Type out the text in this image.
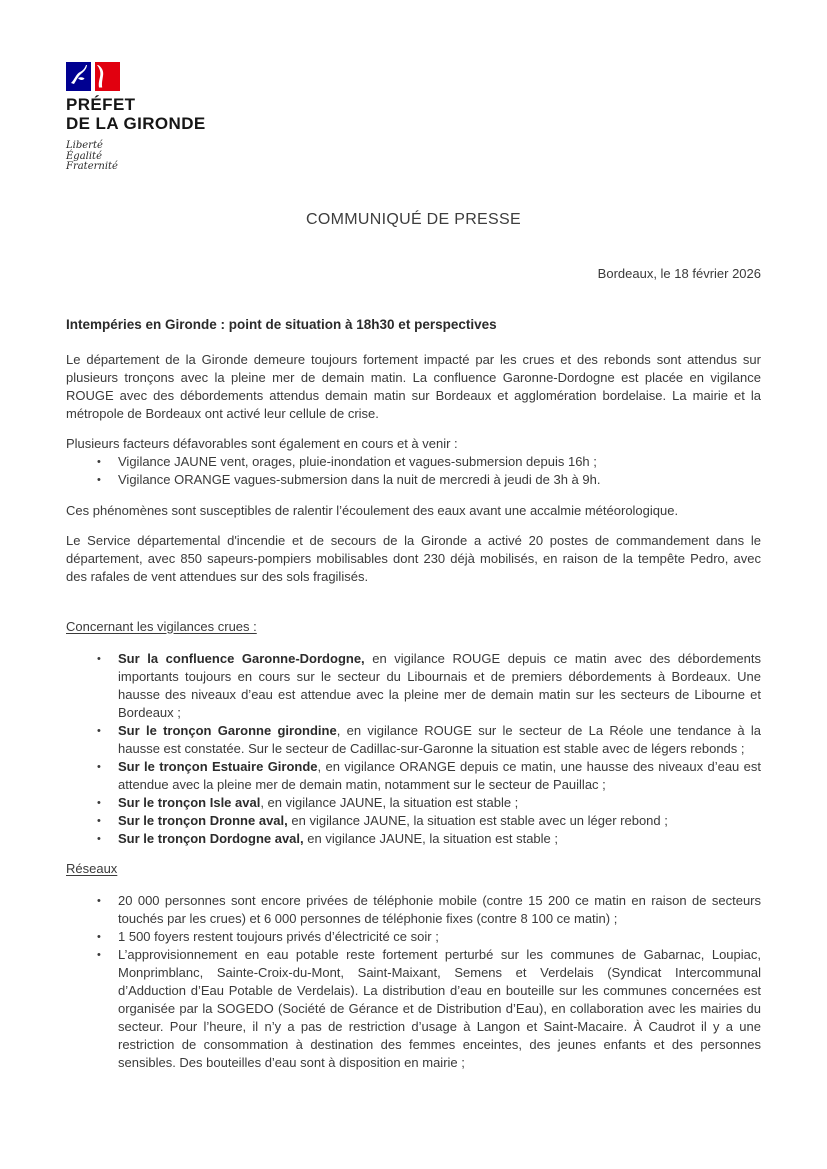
PRÉFET
DE LA GIRONDE
Liberté
Égalité
Fraternité
COMMUNIQUÉ DE PRESSE
Bordeaux, le 18 février 2026
Intempéries en Gironde : point de situation à 18h30 et perspectives

Le département de la Gironde demeure toujours fortement impacté par les crues et des rebonds sont attendus sur plusieurs tronçons avec la pleine mer de demain matin. La confluence Garonne-Dordogne est placée en vigilance ROUGE avec des débordements attendus demain matin sur Bordeaux et agglomération bordelaise. La mairie et la métropole de Bordeaux ont activé leur cellule de crise.

Plusieurs facteurs défavorables sont également en cours et à venir :

• Vigilance JAUNE vent, orages, pluie-inondation et vagues-submersion depuis 16h ;
• Vigilance ORANGE vagues-submersion dans la nuit de mercredi à jeudi de 3h à 9h.

Ces phénomènes sont susceptibles de ralentir l’écoulement des eaux avant une accalmie météorologique.

Le Service départemental d'incendie et de secours de la Gironde a activé 20 postes de commandement dans le département, avec 850 sapeurs-pompiers mobilisables dont 230 déjà mobilisés, en raison de la tempête Pedro, avec des rafales de vent attendues sur des sols fragilisés.

Concernant les vigilances crues :

• Sur la confluence Garonne-Dordogne, en vigilance ROUGE depuis ce matin avec des débordements importants toujours en cours sur le secteur du Libournais et de premiers débordements à Bordeaux. Une hausse des niveaux d’eau est attendue avec la pleine mer de demain matin sur les secteurs de Libourne et Bordeaux ;
• Sur le tronçon Garonne girondine, en vigilance ROUGE sur le secteur de La Réole une tendance à la hausse est constatée. Sur le secteur de Cadillac-sur-Garonne la situation est stable avec de légers rebonds ;
• Sur le tronçon Estuaire Gironde, en vigilance ORANGE depuis ce matin, une hausse des niveaux d’eau est attendue avec la pleine mer de demain matin, notamment sur le secteur de Pauillac ;
• Sur le tronçon Isle aval, en vigilance JAUNE, la situation est stable ;
• Sur le tronçon Dronne aval, en vigilance JAUNE, la situation est stable avec un léger rebond ;
• Sur le tronçon Dordogne aval, en vigilance JAUNE, la situation est stable ;

Réseaux

• 20 000 personnes sont encore privées de téléphonie mobile (contre 15 200 ce matin en raison de secteurs touchés par les crues) et 6 000 personnes de téléphonie fixes (contre 8 100 ce matin) ;
• 1 500 foyers restent toujours privés d’électricité ce soir ;
• L’approvisionnement en eau potable reste fortement perturbé sur les communes de Gabarnac, Loupiac, Monprimblanc, Sainte-Croix-du-Mont, Saint-Maixant, Semens et Verdelais (Syndicat Intercommunal d’Adduction d’Eau Potable de Verdelais). La distribution d’eau en bouteille sur les communes concernées est organisée par la SOGEDO (Société de Gérance et de Distribution d’Eau), en collaboration avec les mairies du secteur. Pour l’heure, il n’y a pas de restriction d’usage à Langon et Saint-Macaire. À Caudrot il y a une restriction de consommation à destination des femmes enceintes, des jeunes enfants et des personnes sensibles. Des bouteilles d’eau sont à disposition en mairie ;
